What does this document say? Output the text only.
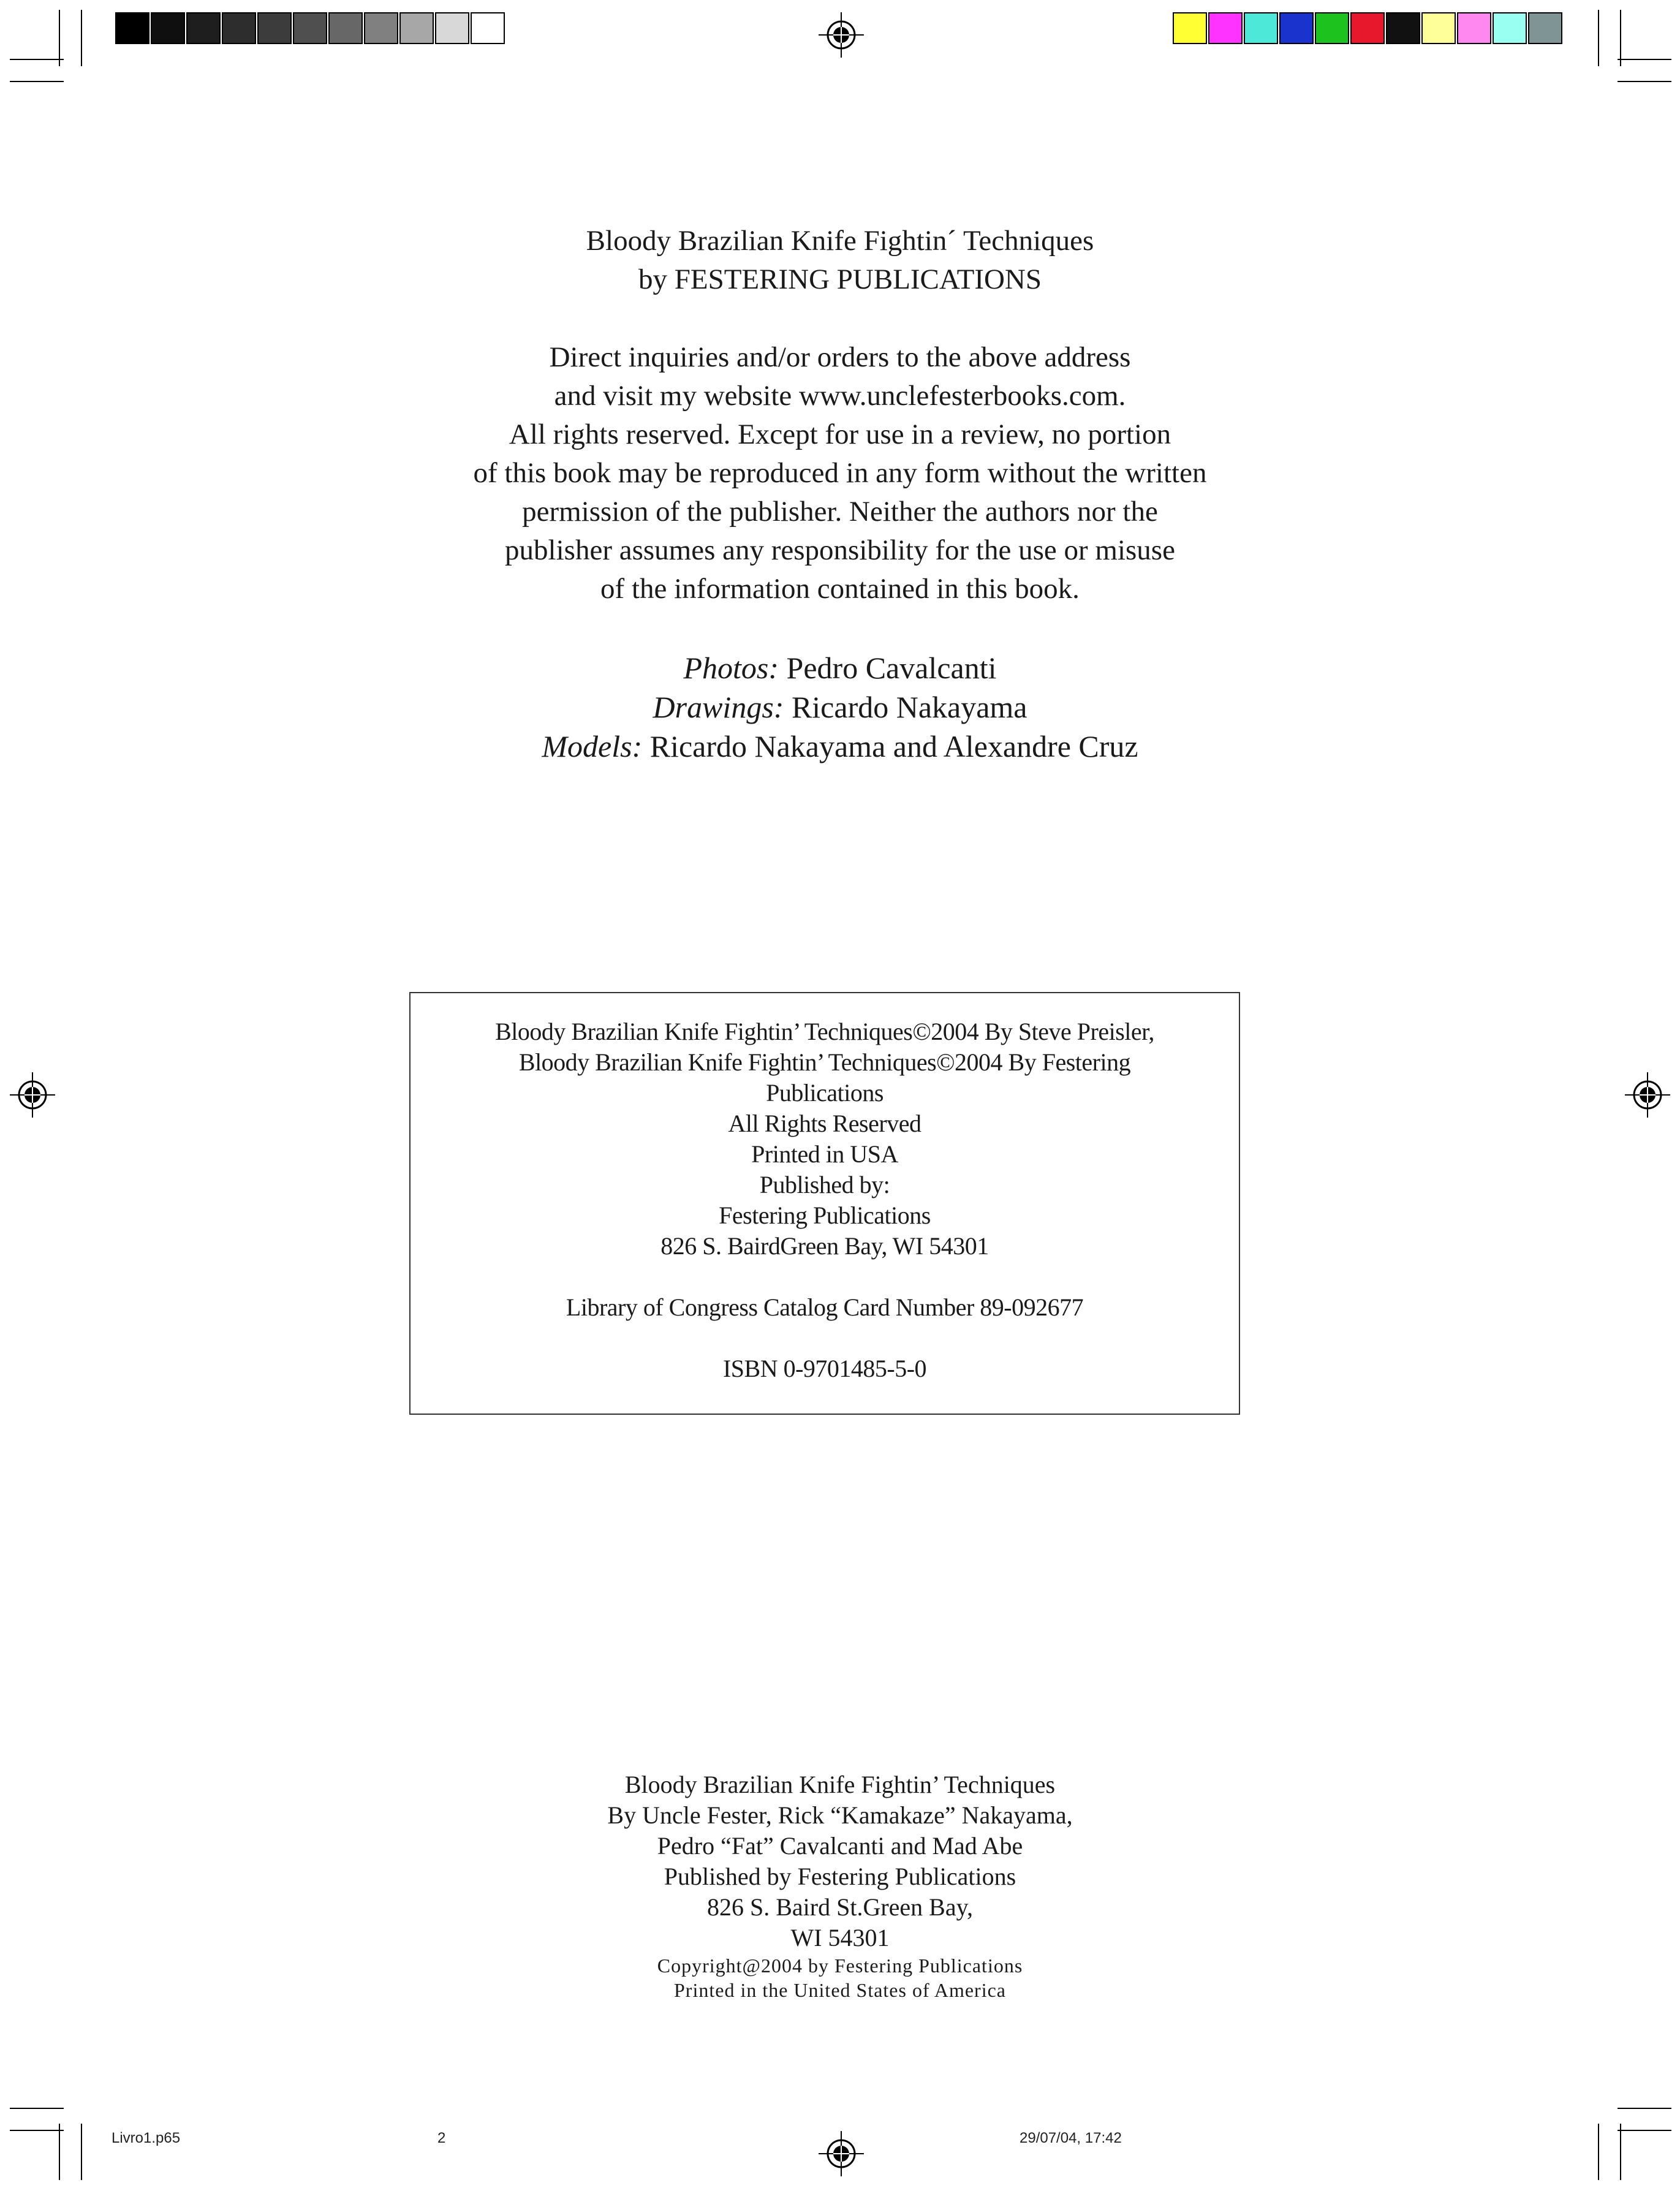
Bloody Brazilian Knife Fightin´ Techniques
by FESTERING PUBLICATIONS
Direct inquiries and/or orders to the above address
and visit my website www.unclefesterbooks.com.
All rights reserved. Except for use in a review, no portion
of this book may be reproduced in any form without the written
permission of the publisher. Neither the authors nor the
publisher assumes any responsibility for the use or misuse
of the information contained in this book.
Photos: Pedro Cavalcanti
Drawings: Ricardo Nakayama
Models: Ricardo Nakayama and Alexandre Cruz
Bloody Brazilian Knife Fightin’ Techniques©2004 By Steve Preisler,
Bloody Brazilian Knife Fightin’ Techniques©2004 By Festering
Publications
All Rights Reserved
Printed in USA
Published by:
Festering Publications
826 S. BairdGreen Bay, WI 54301
Library of Congress Catalog Card Number 89-092677
ISBN 0-9701485-5-0
Bloody Brazilian Knife Fightin’ Techniques
By Uncle Fester, Rick “Kamakaze” Nakayama,
Pedro “Fat” Cavalcanti and Mad Abe
Published by Festering Publications
826 S. Baird St.Green Bay,
WI 54301
Copyright@2004 by Festering Publications
Printed in the United States of America
Livro1.p65	2	29/07/04, 17:42
